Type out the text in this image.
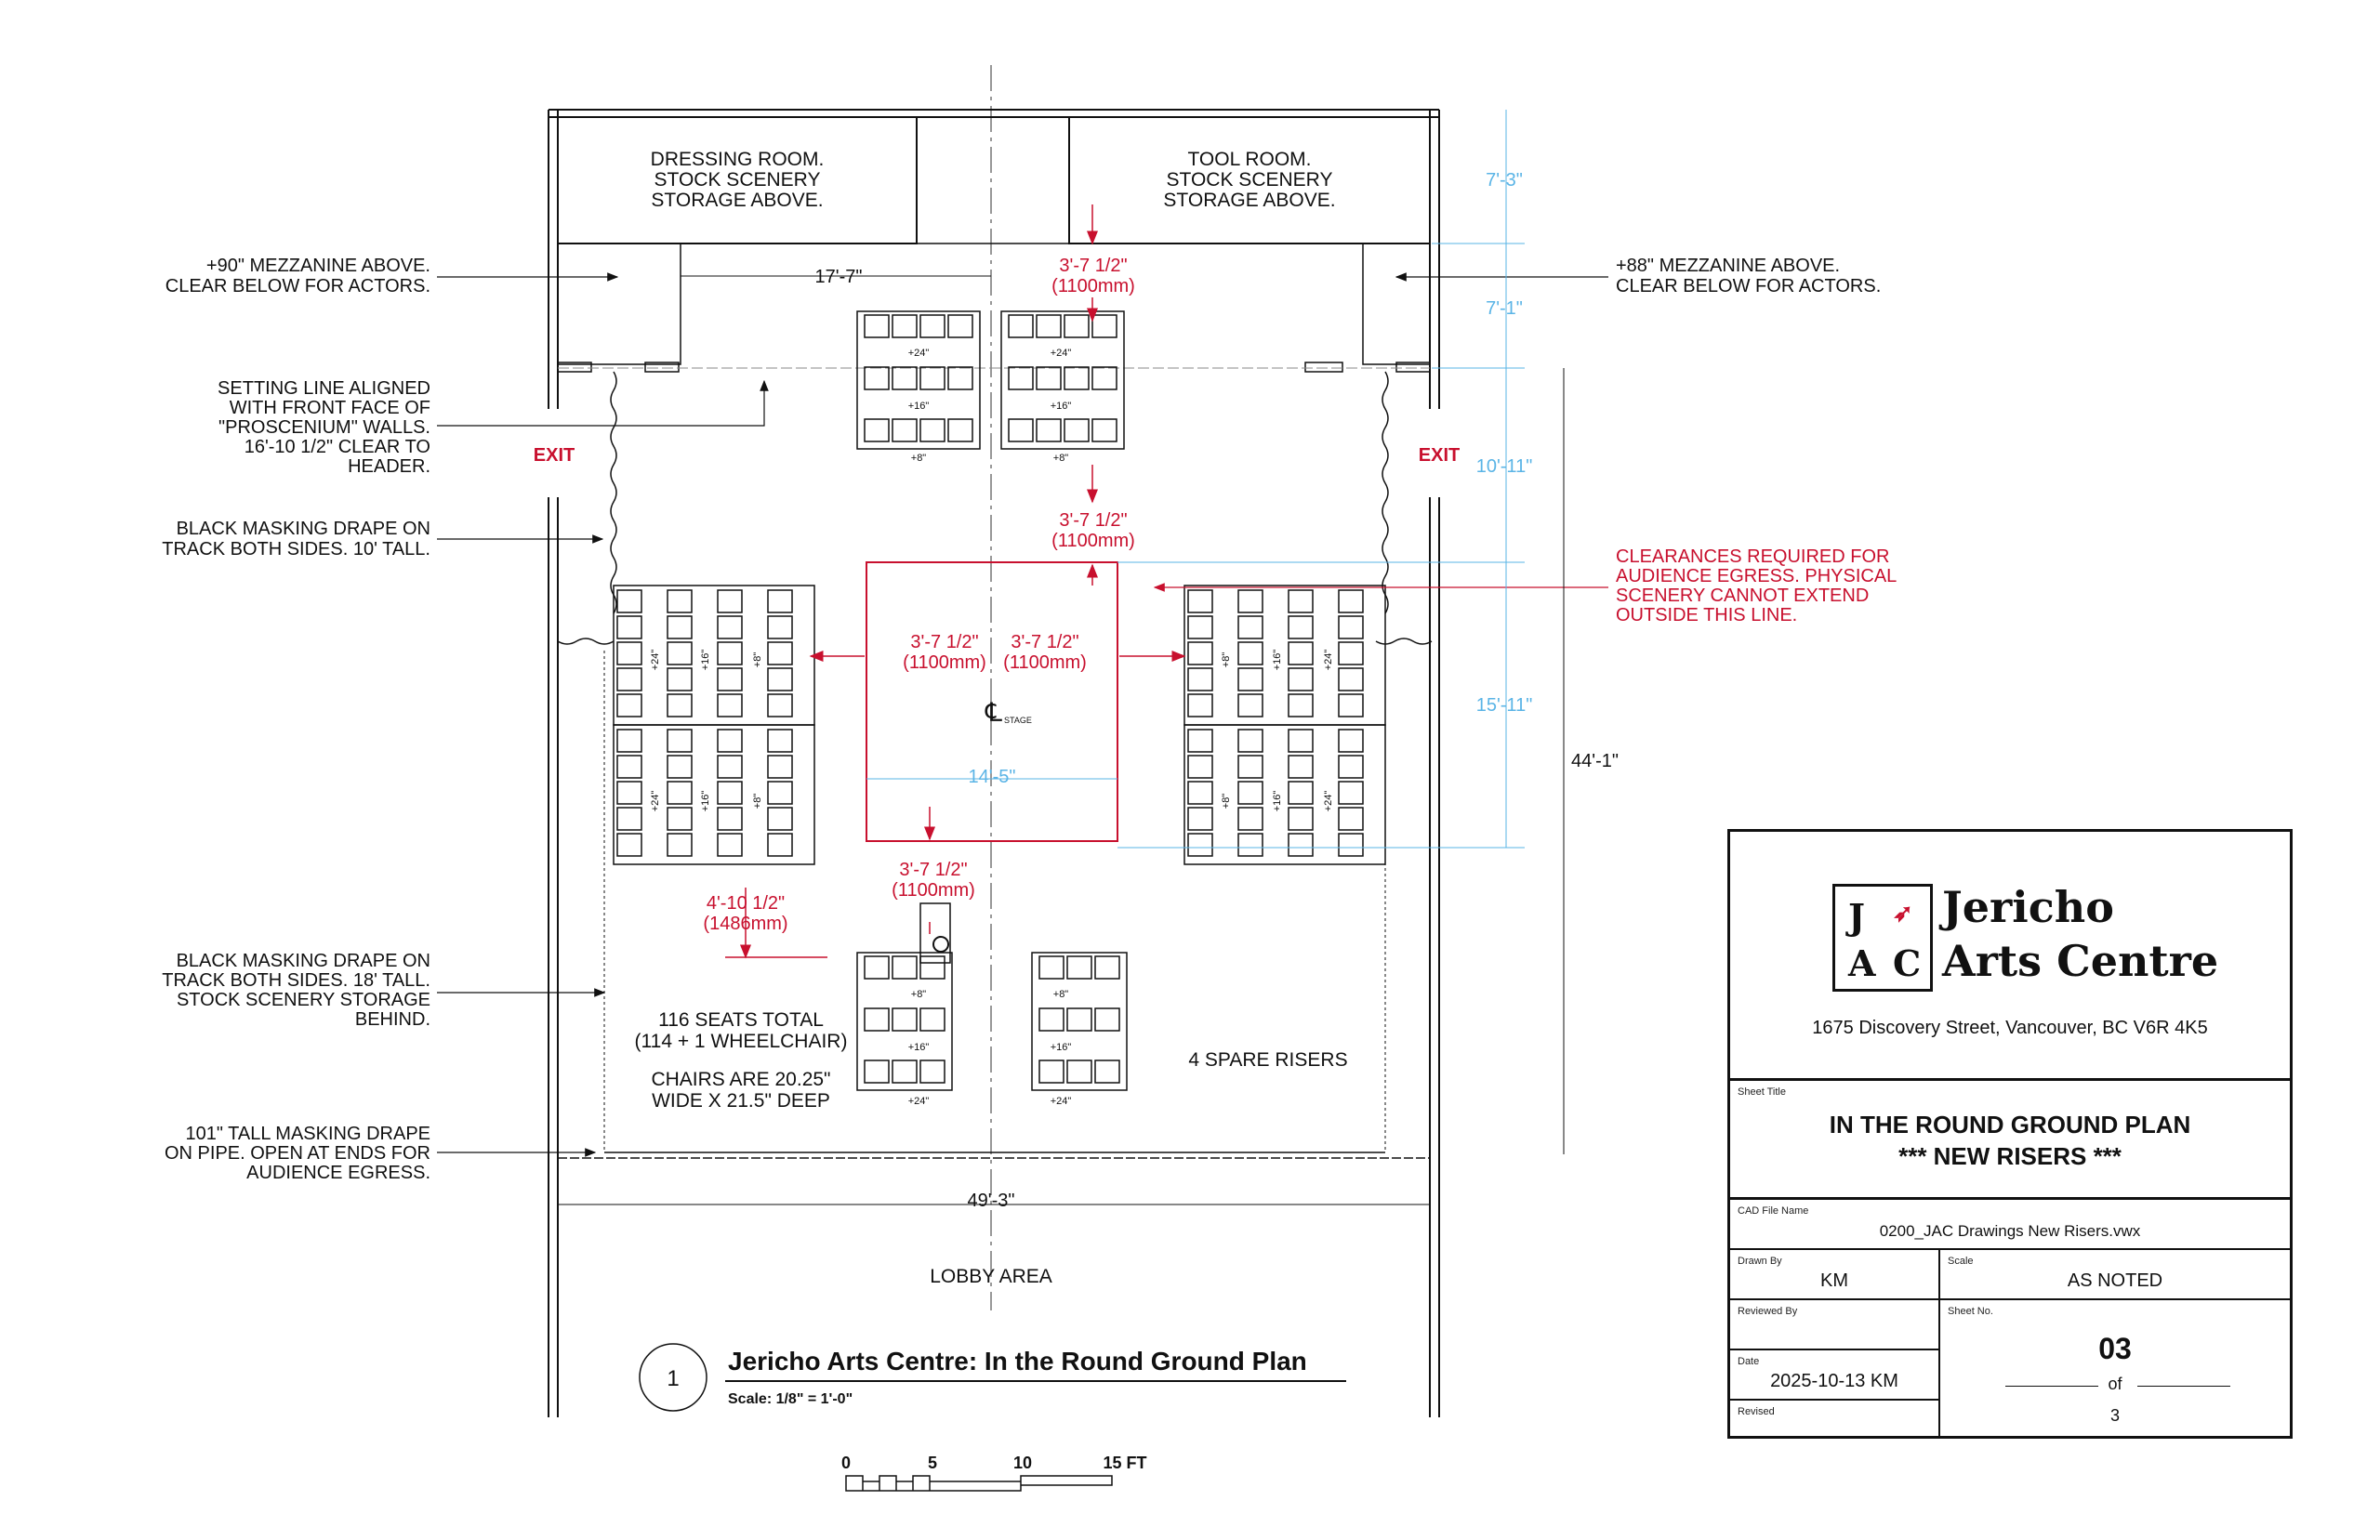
+24"	+24"
+16"	+16"
+8"	+8"
+8"	+8"
+16"	+16"
+24"	+24"
+24"	+16"	+8"
+24"	+16"	+8"
+8"	+16"	+24"
+8"	+16"	+24"
DRESSING ROOM.
STOCK SCENERY
STORAGE ABOVE.
TOOL ROOM.
STOCK SCENERY
STORAGE ABOVE.
LOBBY AREA
4 SPARE RISERS
116 SEATS TOTAL
(114 + 1 WHEELCHAIR)
CHAIRS ARE 20.25"
WIDE X 21.5" DEEP
EXIT	EXIT
℄ STAGE
+90" MEZZANINE ABOVE.
CLEAR BELOW FOR ACTORS.
SETTING LINE ALIGNED
WITH FRONT FACE OF
"PROSCENIUM" WALLS.
16'-10 1/2" CLEAR TO
HEADER.
BLACK MASKING DRAPE ON
TRACK BOTH SIDES. 10' TALL.
BLACK MASKING DRAPE ON
TRACK BOTH SIDES. 18' TALL.
STOCK SCENERY STORAGE
BEHIND.
101" TALL MASKING DRAPE
ON PIPE. OPEN AT ENDS FOR
AUDIENCE EGRESS.
+88" MEZZANINE ABOVE.
CLEAR BELOW FOR ACTORS.
CLEARANCES REQUIRED FOR
AUDIENCE EGRESS. PHYSICAL
SCENERY CANNOT EXTEND
OUTSIDE THIS LINE.
17'-7"
49'-3"
44'-1"
7'-3"
7'-1"
10'-11"
15'-11"
14'-5"
3'-7 1/2"
(1100mm)
3'-7 1/2"
(1100mm)
3'-7 1/2"
(1100mm)
3'-7 1/2"
(1100mm)
3'-7 1/2"
(1100mm)
4'-10 1/2"
(1486mm)
1
Jericho Arts Centre: In the Round Ground Plan
Scale: 1/8" = 1'-0"
0	5	10	15 FT
J ➶
A C
Jericho
Arts Centre
1675 Discovery Street, Vancouver, BC V6R 4K5
Sheet Title
IN THE ROUND GROUND PLAN
*** NEW RISERS ***
CAD File Name
0200_JAC Drawings New Risers.vwx
Drawn By
KM
Scale
AS NOTED
Reviewed By	Sheet No.
03
of
3
Date
2025-10-13 KM
Revised
